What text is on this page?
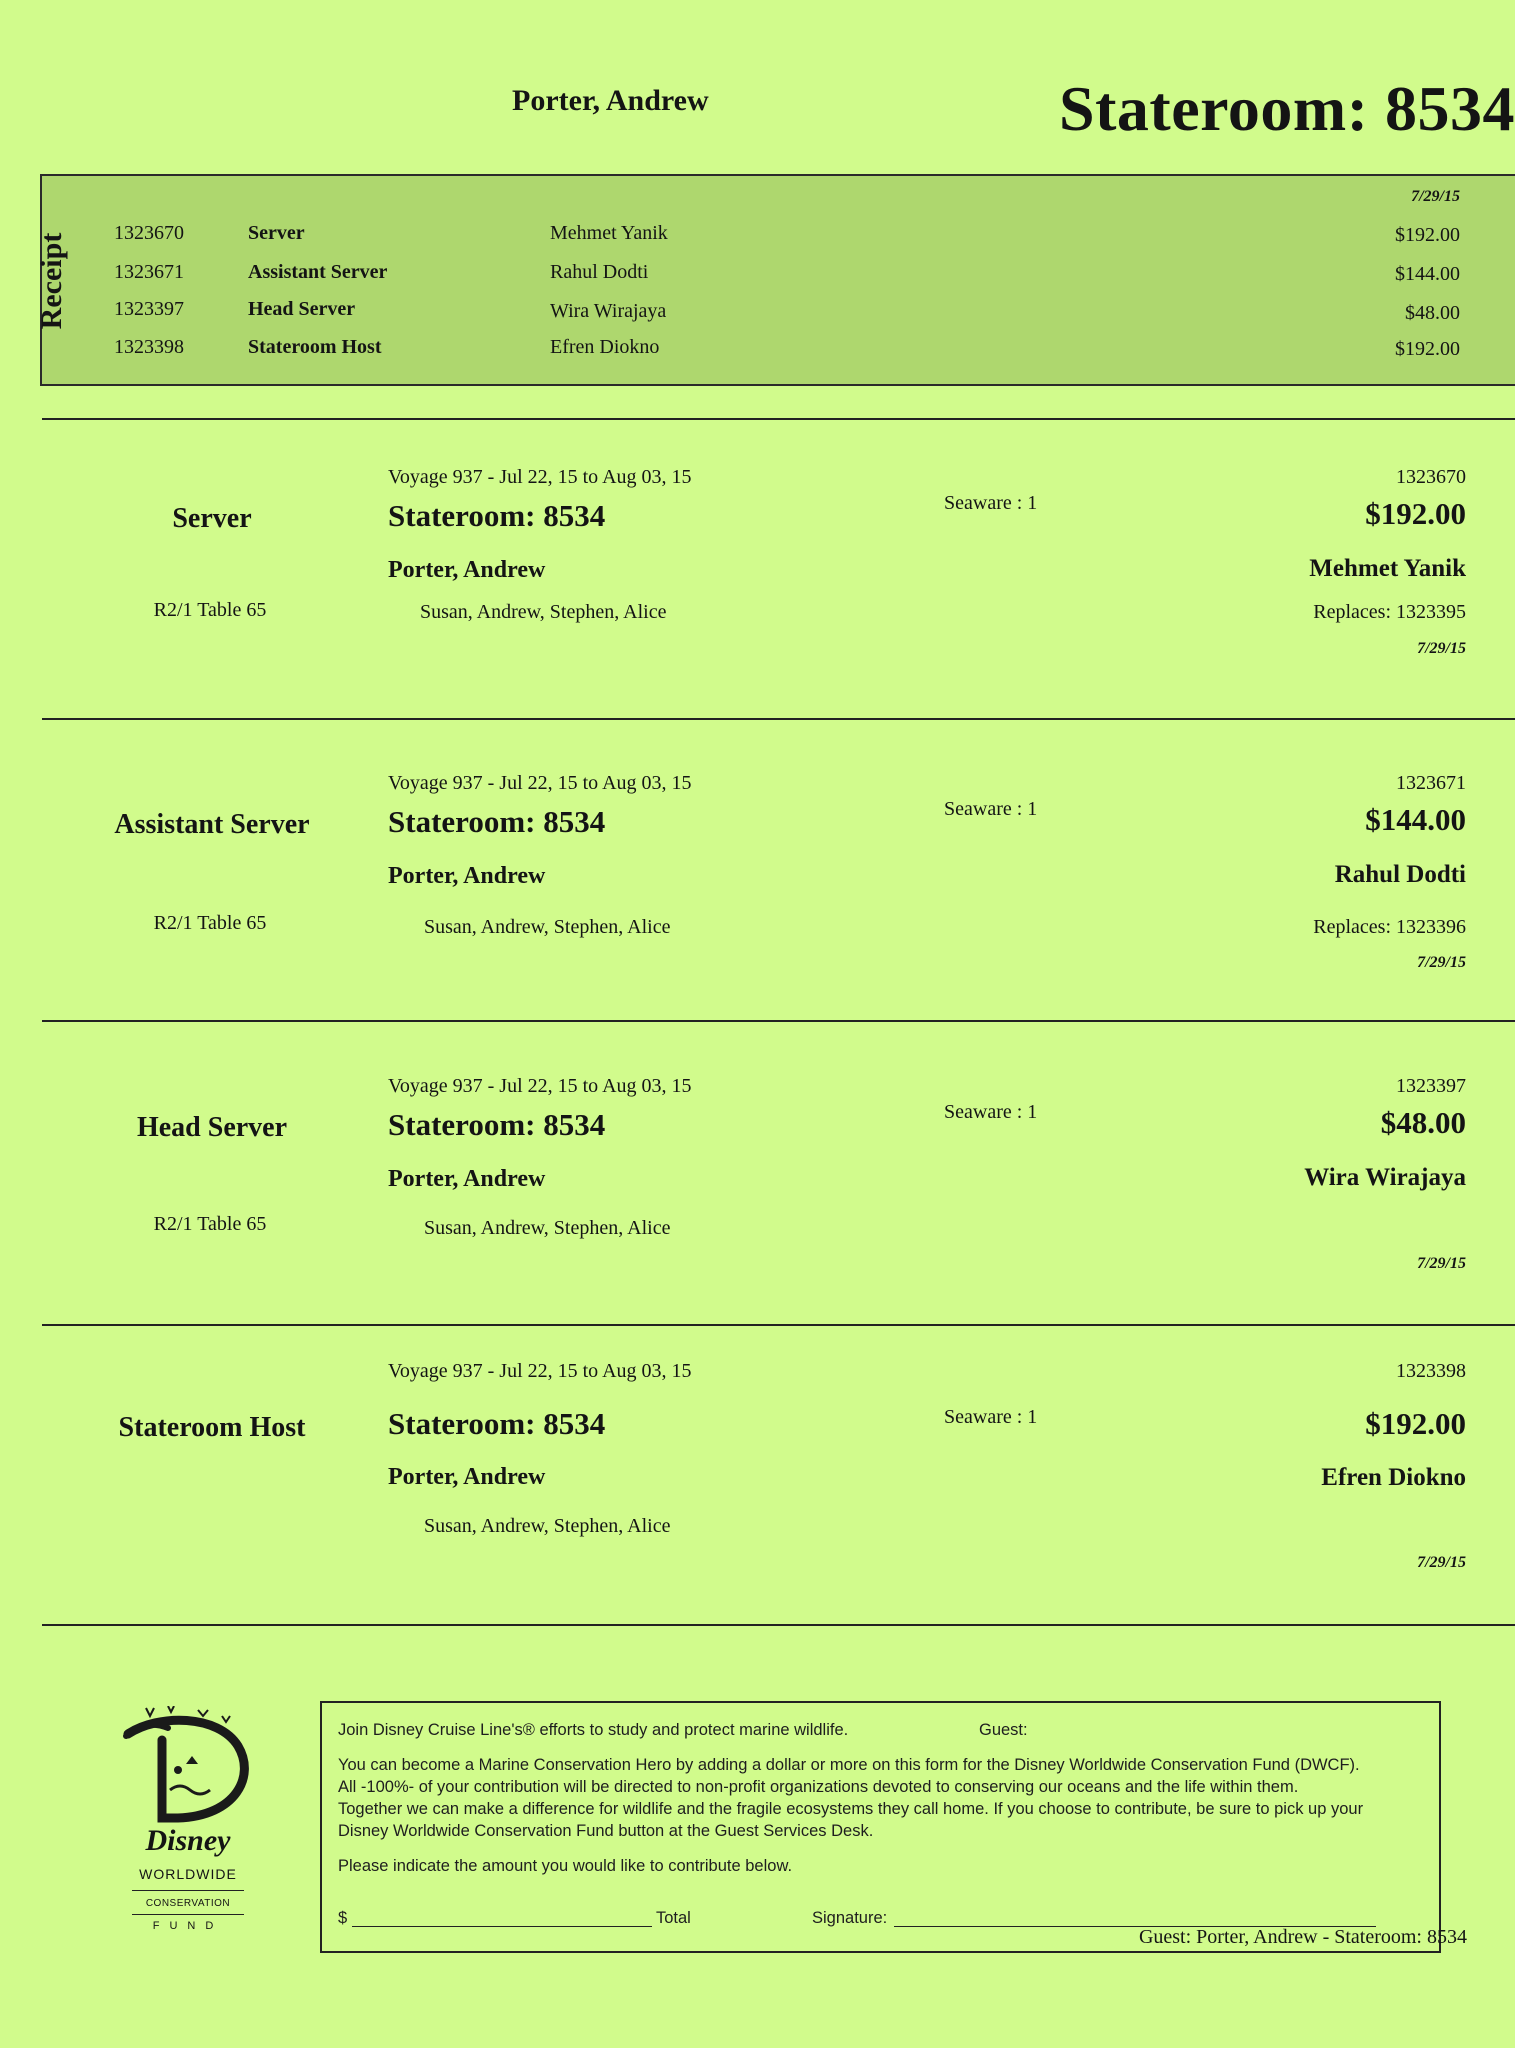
Porter, Andrew	Stateroom: 8534
Receipt
7/29/15
1323670	Server	Mehmet Yanik	$192.00
1323671	Assistant Server	Rahul Dodti	$144.00
1323397	Head Server	Wira Wirajaya	$48.00
1323398	Stateroom Host	Efren Diokno	$192.00
Server
R2/1 Table 65
Voyage 937 - Jul 22, 15 to Aug 03, 15
Stateroom: 8534
Porter, Andrew
Susan, Andrew, Stephen, Alice
Seaware : 1
1323670
$192.00
Mehmet Yanik
Replaces: 1323395
7/29/15
Assistant Server
R2/1 Table 65
Voyage 937 - Jul 22, 15 to Aug 03, 15
Stateroom: 8534
Porter, Andrew
Susan, Andrew, Stephen, Alice
Seaware : 1
1323671
$144.00
Rahul Dodti
Replaces: 1323396
7/29/15
Head Server
R2/1 Table 65
Voyage 937 - Jul 22, 15 to Aug 03, 15
Stateroom: 8534
Porter, Andrew
Susan, Andrew, Stephen, Alice
Seaware : 1
1323397
$48.00
Wira Wirajaya
7/29/15
Stateroom Host
Voyage 937 - Jul 22, 15 to Aug 03, 15
Stateroom: 8534
Porter, Andrew
Susan, Andrew, Stephen, Alice
Seaware : 1
1323398
$192.00
Efren Diokno
7/29/15
Disney
WORLDWIDE
CONSERVATION
FUND
Join Disney Cruise Line's® efforts to study and protect marine wildlife.	Guest:
You can become a Marine Conservation Hero by adding a dollar or more on this form for the Disney Worldwide Conservation Fund (DWCF).
All -100%- of your contribution will be directed to non-profit organizations devoted to conserving our oceans and the life within them.
Together we can make a difference for wildlife and the fragile ecosystems they call home. If you choose to contribute, be sure to pick up your
Disney Worldwide Conservation Fund button at the Guest Services Desk.
Please indicate the amount you would like to contribute below.
$	Total	Signature:
Guest: Porter, Andrew - Stateroom: 8534
